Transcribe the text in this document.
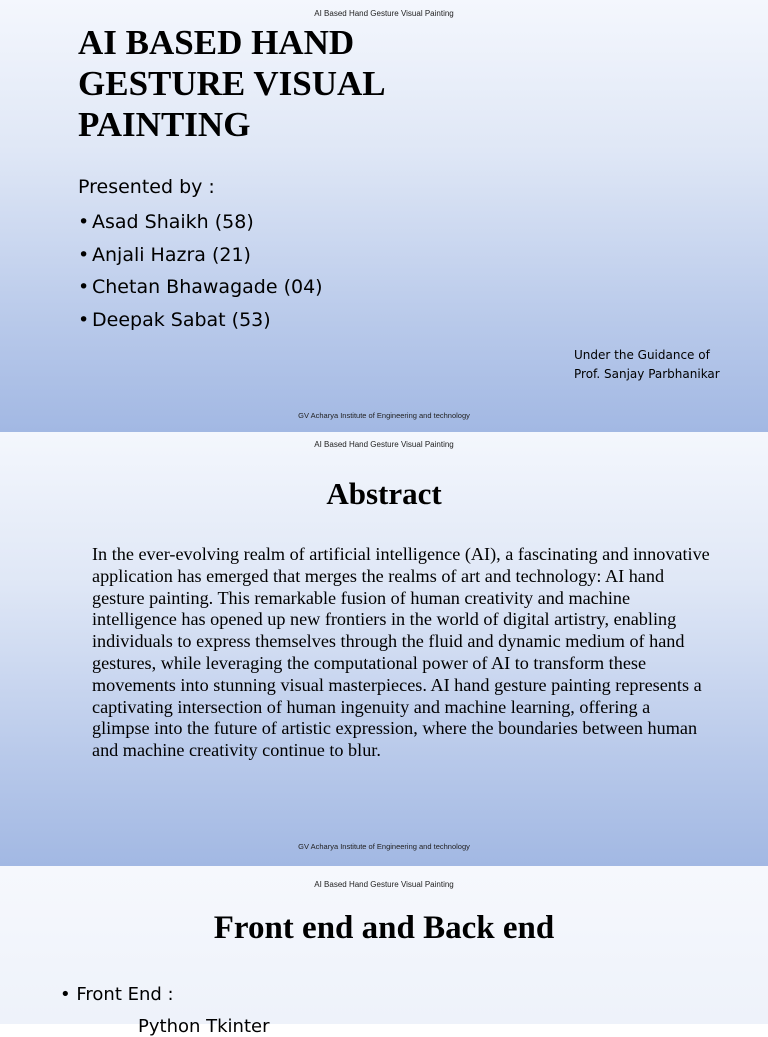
AI Based Hand Gesture Visual Painting
AI BASED HAND
GESTURE VISUAL
PAINTING
Presented by :
• Asad Shaikh (58)
• Anjali Hazra (21)
• Chetan Bhawagade (04)
• Deepak Sabat (53)
Under the Guidance of
Prof. Sanjay Parbhanikar
GV Acharya Institute of Engineering and technology
AI Based Hand Gesture Visual Painting
Abstract

In the ever-evolving realm of artificial intelligence (AI), a fascinating and innovative application has emerged that merges the realms of art and technology: AI hand gesture painting. This remarkable fusion of human creativity and machine intelligence has opened up new frontiers in the world of digital artistry, enabling individuals to express themselves through the fluid and dynamic medium of hand gestures, while leveraging the computational power of AI to transform these movements into stunning visual masterpieces. AI hand gesture painting represents a captivating intersection of human ingenuity and machine learning, offering a glimpse into the future of artistic expression, where the boundaries between human and machine creativity continue to blur.

GV Acharya Institute of Engineering and technology
AI Based Hand Gesture Visual Painting
Front end and Back end
• Front End :
Python Tkinter
